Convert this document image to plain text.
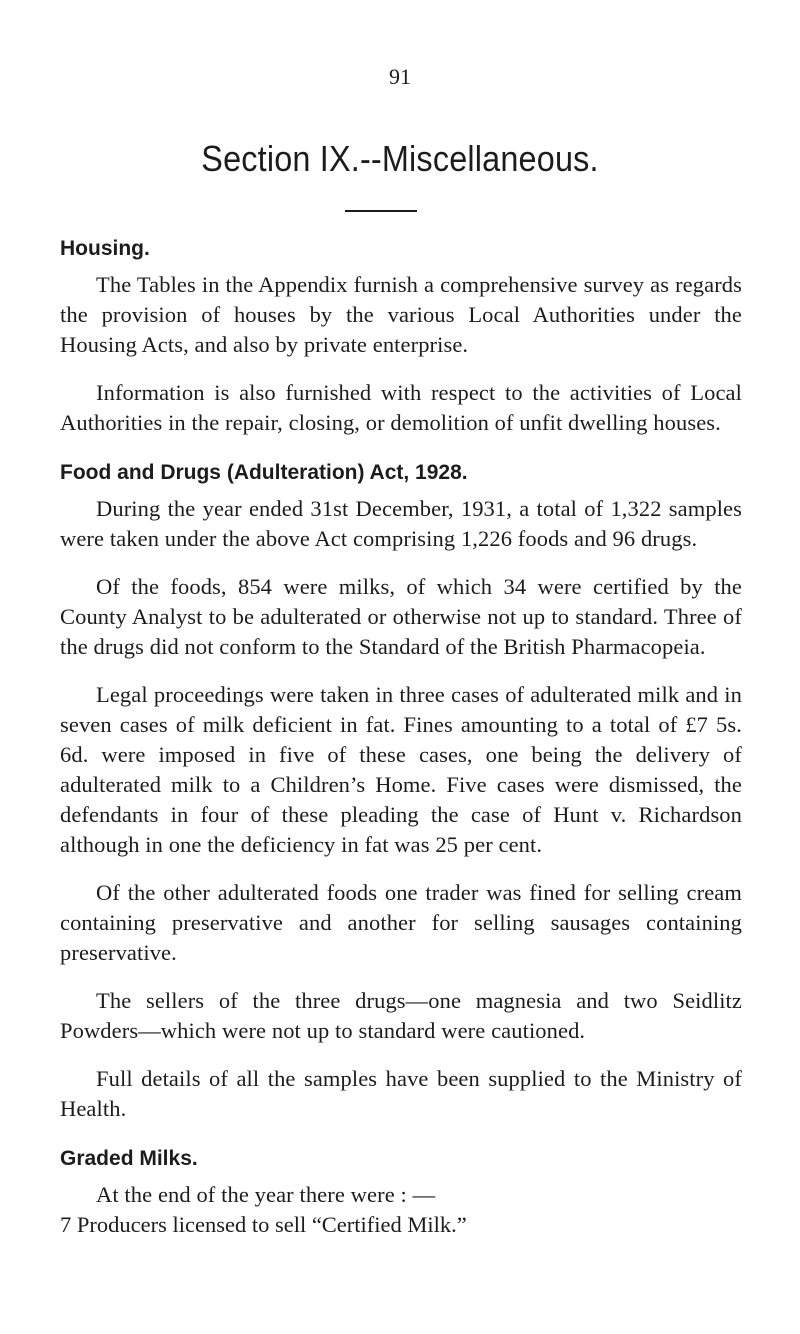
91
Section IX.--Miscellaneous.
Housing.

The Tables in the Appendix furnish a comprehensive survey as regards the provision of houses by the various Local Authorities under the Housing Acts, and also by private enterprise.

Information is also furnished with respect to the activities of Local Authorities in the repair, closing, or demolition of unfit dwelling houses.

Food and Drugs (Adulteration) Act, 1928.

During the year ended 31st December, 1931, a total of 1,322 samples were taken under the above Act comprising 1,226 foods and 96 drugs.

Of the foods, 854 were milks, of which 34 were certified by the County Analyst to be adulterated or otherwise not up to standard. Three of the drugs did not conform to the Standard of the British Pharmacopeia.

Legal proceedings were taken in three cases of adulterated milk and in seven cases of milk deficient in fat. Fines amounting to a total of £7 5s. 6d. were imposed in five of these cases, one being the delivery of adulterated milk to a Children’s Home. Five cases were dismissed, the defendants in four of these pleading the case of Hunt v. Richardson although in one the deficiency in fat was 25 per cent.

Of the other adulterated foods one trader was fined for selling cream containing preservative and another for selling sausages containing preservative.

The sellers of the three drugs—one magnesia and two Seidlitz Powders—which were not up to standard were cautioned.

Full details of all the samples have been supplied to the Ministry of Health.

Graded Milks.

At the end of the year there were : —

7 Producers licensed to sell “Certified Milk.”
